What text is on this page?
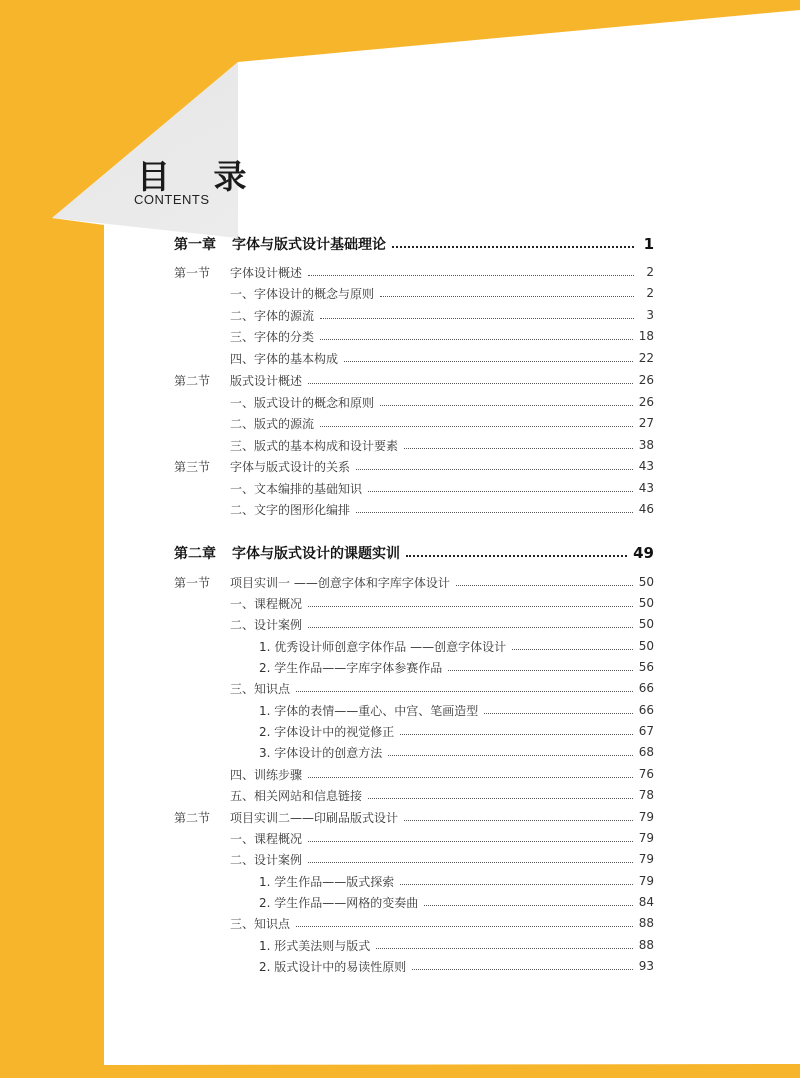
目 录
CONTENTS
第一章	字体与版式设计基础理论	1
第一节	字体设计概述	2
一、字体设计的概念与原则	2
二、字体的源流	3
三、字体的分类	18
四、字体的基本构成	22
第二节	版式设计概述	26
一、版式设计的概念和原则	26
二、版式的源流	27
三、版式的基本构成和设计要素	38
第三节	字体与版式设计的关系	43
一、文本编排的基础知识	43
二、文字的图形化编排	46
第二章	字体与版式设计的课题实训	49
第一节	项目实训一 ——创意字体和字库字体设计	50
一、课程概况	50
二、设计案例	50
1. 优秀设计师创意字体作品 ——创意字体设计	50
2. 学生作品——字库字体参赛作品	56
三、知识点	66
1. 字体的表情——重心、中宫、笔画造型	66
2. 字体设计中的视觉修正	67
3. 字体设计的创意方法	68
四、训练步骤	76
五、相关网站和信息链接	78
第二节	项目实训二——印刷品版式设计	79
一、课程概况	79
二、设计案例	79
1. 学生作品——版式探索	79
2. 学生作品——网格的变奏曲	84
三、知识点	88
1. 形式美法则与版式	88
2. 版式设计中的易读性原则	93
